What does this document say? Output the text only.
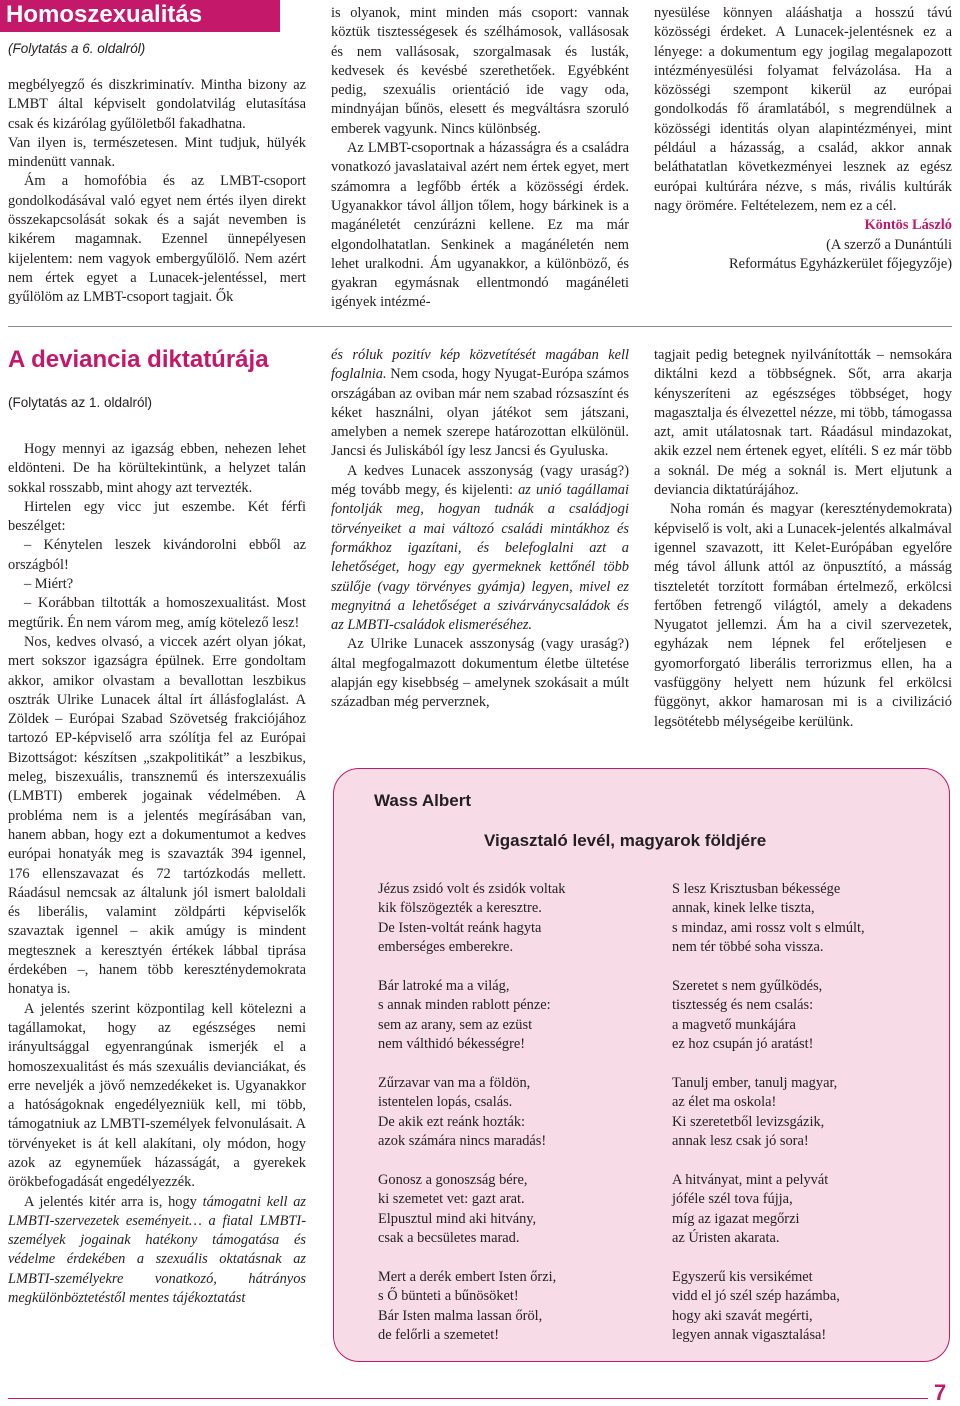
Homoszexualitás
(Folytatás a 6. oldalról)

megbélyegző és diszkriminatív. Mintha bizony az LMBT által képviselt gondolatvilág elutasítása csak és kizárólag gyűlöletből fakadhatna.

Van ilyen is, természetesen. Mint tudjuk, hülyék mindenütt vannak.

Ám a homofóbia és az LMBT-csoport gondolkodásával való egyet nem értés ilyen direkt összekapcsolását sokak és a saját nevemben is kikérem magamnak. Ezennel ünnepélyesen kijelentem: nem vagyok embergyűlölő. Nem azért nem értek egyet a Lunacek-jelentéssel, mert gyűlölöm az LMBT-csoport tagjait. Ők

is olyanok, mint minden más csoport: vannak köztük tisztességesek és szélhámosok, vallásosak és nem vallásosak, szorgalmasak és lusták, kedvesek és kevésbé szerethetőek. Egyébként pedig, szexuális orientáció ide vagy oda, mindnyájan bűnös, elesett és megváltásra szoruló emberek vagyunk. Nincs különbség.

Az LMBT-csoportnak a házasságra és a családra vonatkozó javaslataival azért nem értek egyet, mert számomra a legfőbb érték a közösségi érdek. Ugyanakkor távol álljon tőlem, hogy bárkinek is a magánéletét cenzúrázni kellene. Ez ma már elgondolhatatlan. Senkinek a magánéletén nem lehet uralkodni. Ám ugyanakkor, a különböző, és gyakran egymásnak ellentmondó magánéleti igények intézmé-

nyesülése könnyen alááshatja a hosszú távú közösségi érdeket. A Lunacek-jelentésnek ez a lényege: a dokumentum egy jogilag megalapozott intézményesülési folyamat felvázolása. Ha a közösségi szempont kikerül az európai gondolkodás fő áramlatából, s megrendülnek a közösségi identitás olyan alapintézményei, mint például a házasság, a család, akkor annak beláthatatlan következményei lesznek az egész európai kultúrára nézve, s más, rivális kultúrák nagy örömére. Feltételezem, nem ez a cél.

Köntös László
(A szerző a Dunántúli
Református Egyházkerület főjegyzője)
A deviancia diktatúrája
(Folytatás az 1. oldalról)

Hogy mennyi az igazság ebben, nehezen lehet eldönteni. De ha körültekintünk, a helyzet talán sokkal rosszabb, mint ahogy azt tervezték.

Hirtelen egy vicc jut eszembe. Két férfi beszélget:

– Kénytelen leszek kivándorolni ebből az országból!

– Miért?

– Korábban tiltották a homoszexualitást. Most megtűrik. Én nem várom meg, amíg kötelező lesz!

Nos, kedves olvasó, a viccek azért olyan jókat, mert sokszor igazságra épülnek. Erre gondoltam akkor, amikor olvastam a bevallottan leszbikus osztrák Ulrike Lunacek által írt állásfoglalást. A Zöldek – Európai Szabad Szövetség frakciójához tartozó EP-képviselő arra szólítja fel az Európai Bizottságot: készítsen „szakpolitikát” a leszbikus, meleg, biszexuális, transznemű és interszexuális (LMBTI) emberek jogainak védelmében. A probléma nem is a jelentés megírásában van, hanem abban, hogy ezt a dokumentumot a kedves európai honatyák meg is szavazták 394 igennel, 176 ellenszavazat és 72 tartózkodás mellett. Ráadásul nemcsak az általunk jól ismert baloldali és liberális, valamint zöldpárti képviselők szavaztak igennel – akik amúgy is mindent megtesznek a keresztyén értékek lábbal tiprása érdekében –, hanem több kereszténydemokrata honatya is.

A jelentés szerint központilag kell kötelezni a tagállamokat, hogy az egészséges nemi irányultsággal egyenrangúnak ismerjék el a homoszexualitást és más szexuális devianciákat, és erre neveljék a jövő nemzedékeket is. Ugyanakkor a hatóságoknak engedélyezniük kell, mi több, támogatniuk az LMBTI-személyek felvonulásait. A törvényeket is át kell alakítani, oly módon, hogy azok az egyneműek házasságát, a gyerekek örökbefogadását engedélyezzék.

A jelentés kitér arra is, hogy támogatni kell az LMBTI-szervezetek eseményeit… a fiatal LMBTI-személyek jogainak hatékony támogatása és védelme érdekében a szexuális oktatásnak az LMBTI-személyekre vonatkozó, hátrányos megkülönböztetéstől mentes tájékoztatást

és róluk pozitív kép közvetítését magában kell foglalnia. Nem csoda, hogy Nyugat-Európa számos országában az oviban már nem szabad rózsaszínt és kéket használni, olyan játékot sem játszani, amelyben a nemek szerepe határozottan elkülönül. Jancsi és Juliskából így lesz Jancsi és Gyuluska.

A kedves Lunacek asszonyság (vagy uraság?) még tovább megy, és kijelenti: az unió tagállamai fontolják meg, hogyan tudnák a családjogi törvényeiket a mai változó családi mintákhoz és formákhoz igazítani, és belefoglalni azt a lehetőséget, hogy egy gyermeknek kettőnél több szülője (vagy törvényes gyámja) legyen, mivel ez megnyitná a lehetőséget a szivárványcsaládok és az LMBTI-családok elismeréséhez.

Az Ulrike Lunacek asszonyság (vagy uraság?) által megfogalmazott dokumentum életbe ültetése alapján egy kisebbség – amelynek szokásait a múlt században még perverznek,

tagjait pedig betegnek nyilvánították – nemsokára diktálni kezd a többségnek. Sőt, arra akarja kényszeríteni az egészséges többséget, hogy magasztalja és élvezettel nézze, mi több, támogassa azt, amit utálatosnak tart. Ráadásul mindazokat, akik ezzel nem értenek egyet, elítéli. S ez már több a soknál. De még a soknál is. Mert eljutunk a deviancia diktatúrájához.

Noha román és magyar (kereszténydemokrata) képviselő is volt, aki a Lunacek-jelentés alkalmával igennel szavazott, itt Kelet-Európában egyelőre még távol állunk attól az önpusztító, a másság tiszteletét torzított formában értelmező, erkölcsi fertőben fetrengő világtól, amely a dekadens Nyugatot jellemzi. Ám ha a civil szervezetek, egyházak nem lépnek fel erőteljesen e gyomorforgató liberális terrorizmus ellen, ha a vasfüggöny helyett nem húzunk fel erkölcsi függönyt, akkor hamarosan mi is a civilizáció legsötétebb mélységeibe kerülünk.

Wass Albert
Vigasztaló levél, magyarok földjére
Jézus zsidó volt és zsidók voltak
kik fölszögezték a keresztre.
De Isten-voltát reánk hagyta
emberséges emberekre.
Bár latroké ma a világ,
s annak minden rablott pénze:
sem az arany, sem az ezüst
nem válthidó békességre!
Zűrzavar van ma a földön,
istentelen lopás, csalás.
De akik ezt reánk hozták:
azok számára nincs maradás!
Gonosz a gonoszság bére,
ki szemetet vet: gazt arat.
Elpusztul mind aki hitvány,
csak a becsületes marad.
Mert a derék embert Isten őrzi,
s Ő bünteti a bűnösöket!
Bár Isten malma lassan őröl,
de felőrli a szemetet!
S lesz Krisztusban békessége
annak, kinek lelke tiszta,
s mindaz, ami rossz volt s elmúlt,
nem tér többé soha vissza.
Szeretet s nem gyűlködés,
tisztesség és nem csalás:
a magvető munkájára
ez hoz csupán jó aratást!
Tanulj ember, tanulj magyar,
az élet ma oskola!
Ki szeretetből levizsgázik,
annak lesz csak jó sora!
A hitványat, mint a pelyvát
jóféle szél tova fújja,
míg az igazat megőrzi
az Úristen akarata.
Egyszerű kis versikémet
vidd el jó szél szép hazámba,
hogy aki szavát megérti,
legyen annak vigasztalása!
7
